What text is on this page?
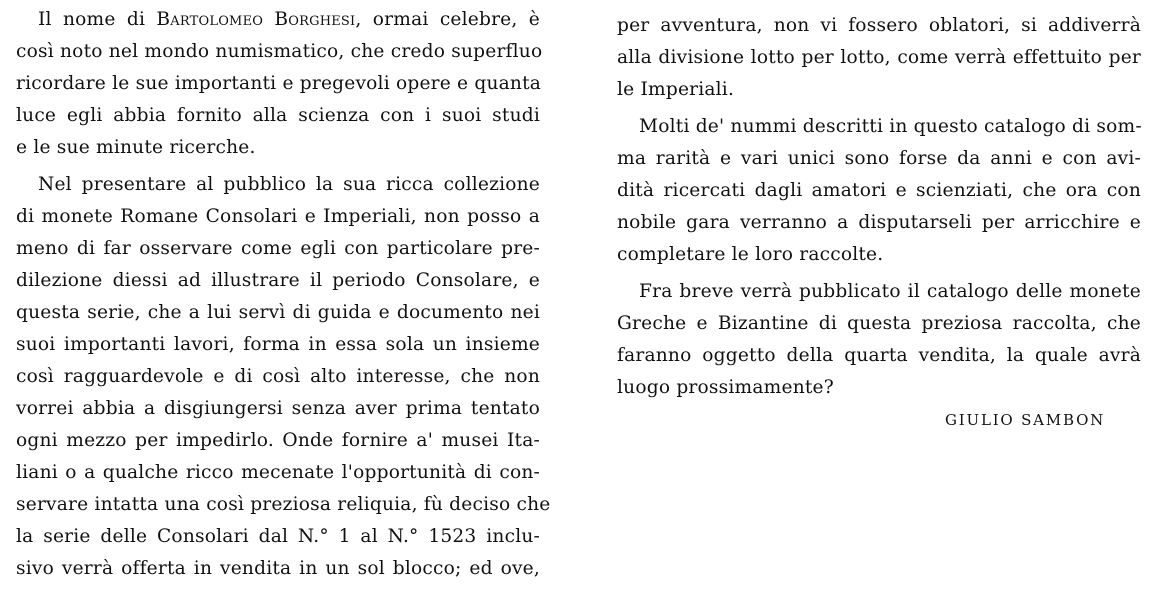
Il nome di Bartolomeo Borghesi, ormai celebre, è
così noto nel mondo numismatico, che credo superfluo
ricordare le sue importanti e pregevoli opere e quanta
luce egli abbia fornito alla scienza con i suoi studi
e le sue minute ricerche.
Nel presentare al pubblico la sua ricca collezione
di monete Romane Consolari e Imperiali, non posso a
meno di far osservare come egli con particolare pre-
dilezione diessi ad illustrare il periodo Consolare, e
questa serie, che a lui servì di guida e documento nei
suoi importanti lavori, forma in essa sola un insieme
così ragguardevole e di così alto interesse, che non
vorrei abbia a disgiungersi senza aver prima tentato
ogni mezzo per impedirlo. Onde fornire a' musei Ita-
liani o a qualche ricco mecenate l'opportunità di con-
servare intatta una così preziosa reliquia, fù deciso che
la serie delle Consolari dal N.° 1 al N.° 1523 inclu-
sivo verrà offerta in vendita in un sol blocco; ed ove,
per avventura, non vi fossero oblatori, si addiverrà
alla divisione lotto per lotto, come verrà effettuito per
le Imperiali.
Molti de' nummi descritti in questo catalogo di som-
ma rarità e vari unici sono forse da anni e con avi-
dità ricercati dagli amatori e scienziati, che ora con
nobile gara verranno a disputarseli per arricchire e
completare le loro raccolte.
Fra breve verrà pubblicato il catalogo delle monete
Greche e Bizantine di questa preziosa raccolta, che
faranno oggetto della quarta vendita, la quale avrà
luogo prossimamente?
GIULIO SAMBON
